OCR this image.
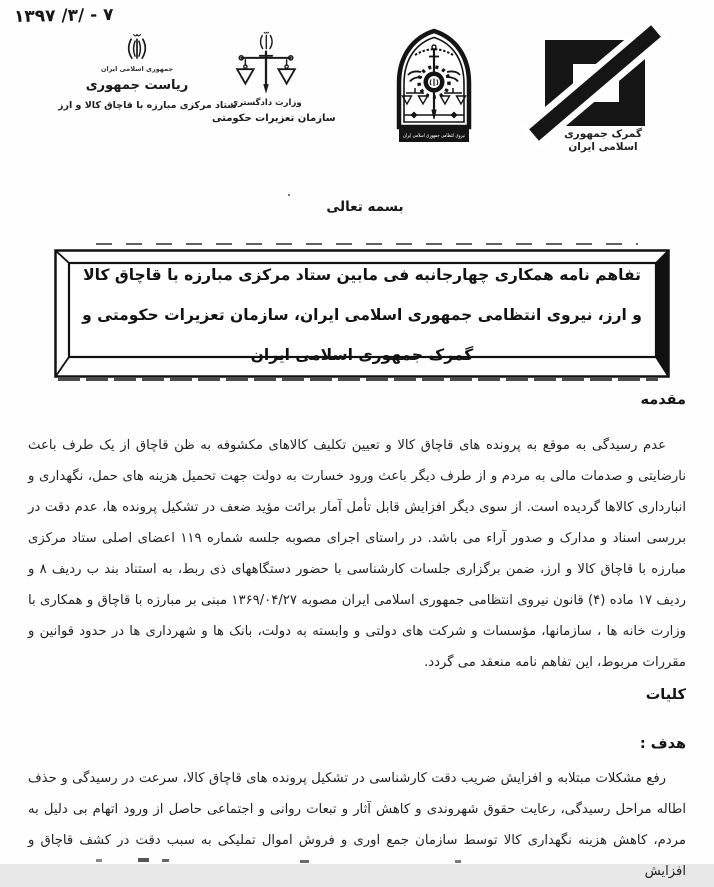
۱۳۹۷ /۳/ - ۷
جمهوری اسلامی ایران
ریاست جمهوری
ستاد مرکزی مبارزه با قاچاق کالا و ارز
وزارت دادگستری
سازمان تعزیرات حکومتی
نیروی انتظامی جمهوری اسلامی ایران	گمرک جمهوری
اسلامی ایران
بسمه تعالی
تفاهم نامه همکاری چهارجانبه فی مابین ستاد مرکزی مبارزه با قاچاق کالا و ارز، نیروی انتظامی جمهوری اسلامی ایران، سازمان تعزیرات حکومتی و گمرک جمهوری اسلامی ایران
مقدمه
عدم رسیدگی به موقع به پرونده های قاچاق کالا و تعیین تکلیف کالاهای مکشوفه به ظن قاچاق از یک طرف باعث نارضایتی و صدمات مالی به مردم و از طرف دیگر باعث ورود خسارت به دولت جهت تحمیل هزینه های حمل، نگهداری و انبارداری کالاها گردیده است. از سوی دیگر افزایش قابل تأمل آمار برائت مؤید ضعف در تشکیل پرونده ها، عدم دقت در بررسی اسناد و مدارک و صدور آراء می باشد. در راستای اجرای مصوبه جلسه شماره ۱۱۹ اعضای اصلی ستاد مرکزی مبارزه با قاچاق کالا و ارز، ضمن برگزاری جلسات کارشناسی با حضور دستگاههای ذی ربط، به استناد بند ب ردیف ۸ و ردیف ۱۷ ماده (۴) قانون نیروی انتظامی جمهوری اسلامی ایران مصوبه ۱۳۶۹/۰۴/۲۷ مبنی بر مبارزه با قاچاق و همکاری با وزارت خانه ها ، سازمانها، مؤسسات و شرکت های دولتی و وابسته به دولت، بانک ها و شهرداری ها در حدود قوانین و مقررات مربوط، این تفاهم نامه منعقد می گردد.
کلیات
هدف :
رفع مشکلات مبتلابه و افزایش ضریب دقت کارشناسی در تشکیل پرونده های قاچاق کالا، سرعت در رسیدگی و حذف اطاله مراحل رسیدگی، رعایت حقوق شهروندی و کاهش آثار و تبعات روانی و اجتماعی حاصل از ورود اتهام بی دلیل به مردم، کاهش هزینه نگهداری کالا توسط سازمان جمع اوری و فروش اموال تملیکی به سبب دقت در کشف قاچاق و افزایش
